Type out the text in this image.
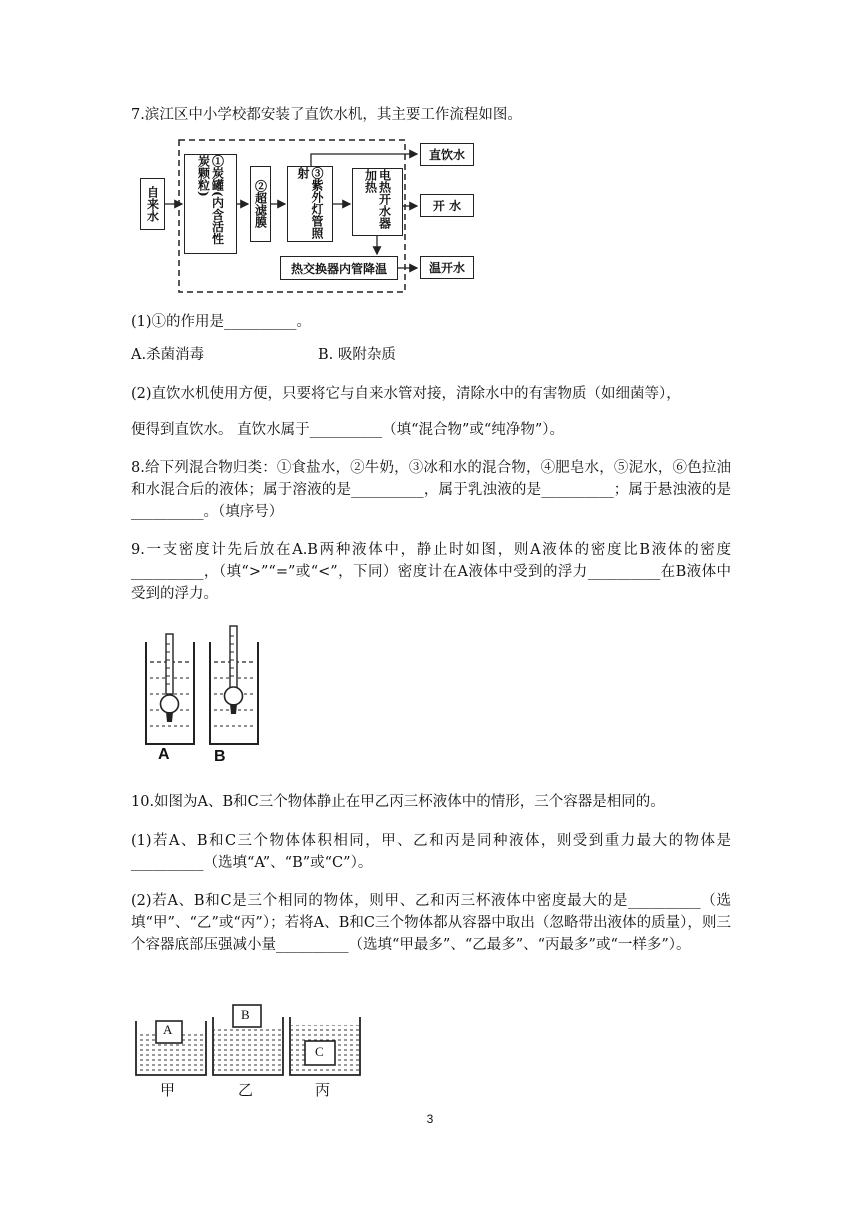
7.滨江区中小学校都安装了直饮水机，其主要工作流程如图。

自来水	①炭罐(内含活性炭颗粒)
②超滤膜	③紫外灯管照射	电热开水器加热
热交换器内管降温
直饮水
开 水
温开水

(1)①的作用是__________。

A.杀菌消毒	B. 吸附杂质

(2)直饮水机使用方便，只要将它与自来水管对接，清除水中的有害物质（如细菌等），

便得到直饮水。 直饮水属于__________（填“混合物”或“纯净物”）。

8.给下列混合物归类：①食盐水，②牛奶，③冰和水的混合物，④肥皂水，⑤泥水，⑥色拉油和水混合后的液体；属于溶液的是__________，属于乳浊液的是__________；属于悬浊液的是__________。（填序号）

9.一支密度计先后放在A.B两种液体中，静止时如图，则A液体的密度比B液体的密度__________，（填“>”“=”或“<”，下同）密度计在A液体中受到的浮力__________在B液体中受到的浮力。

A	B

10.如图为A、B和C三个物体静止在甲乙丙三杯液体中的情形，三个容器是相同的。

(1)若A、B和C三个物体体积相同，甲、乙和丙是同种液体，则受到重力最大的物体是__________（选填“A”、“B”或“C”）。

(2)若A、B和C是三个相同的物体，则甲、乙和丙三杯液体中密度最大的是__________（选填“甲”、“乙”或“丙”）；若将A、B和C三个物体都从容器中取出（忽略带出液体的质量），则三个容器底部压强减小量__________（选填“甲最多”、“乙最多”、“丙最多”或“一样多”）。

A
B
C
甲	乙	丙
3
